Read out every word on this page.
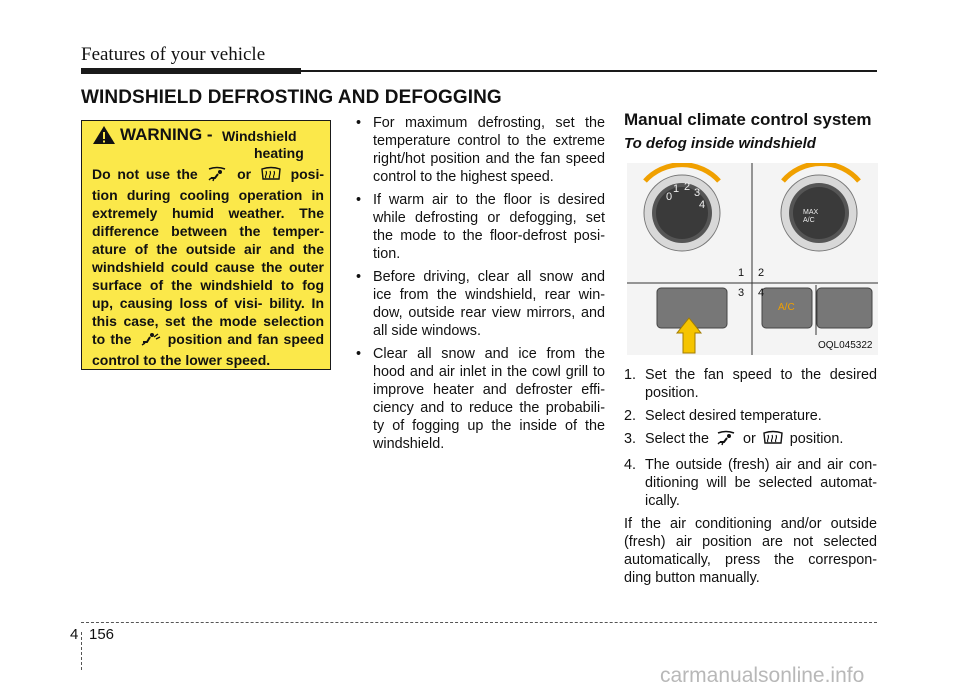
Features of your vehicle
WINDSHIELD DEFROSTING AND DEFOGGING
WARNING - Windshield
heating
Do not use the	or	posi- tion during cooling operation in extremely humid weather. The difference between the temper- ature of the outside air and the windshield could cause the outer surface of the windshield to fog up, causing loss of visi- bility. In this case, set the mode selection to the	position and fan speed control to the lower speed.
• For maximum defrosting, set the temperature control to the extreme right/hot position and the fan speed control to the highest speed.
• If warm air to the floor is desired while defrosting or defogging, set the mode to the floor-defrost posi- tion.
• Before driving, clear all snow and ice from the windshield, rear win- dow, outside rear view mirrors, and all side windows.
• Clear all snow and ice from the hood and air inlet in the cowl grill to improve heater and defroster effi- ciency and to reduce the probabili- ty of fogging up the inside of the windshield.
Manual climate control system
To defog inside windshield
0
1 2 3
4
MAX
A/C
1 2
3 4
A/C
OQL045322
1. Set the fan speed to the desired position.
2. Select desired temperature.
3. Select the or position.
4. The outside (fresh) air and air con- ditioning will be selected automat- ically.
If the air conditioning and/or outside (fresh) air position are not selected automatically, press the correspon- ding button manually.
4 156
carmanualsonline.info
